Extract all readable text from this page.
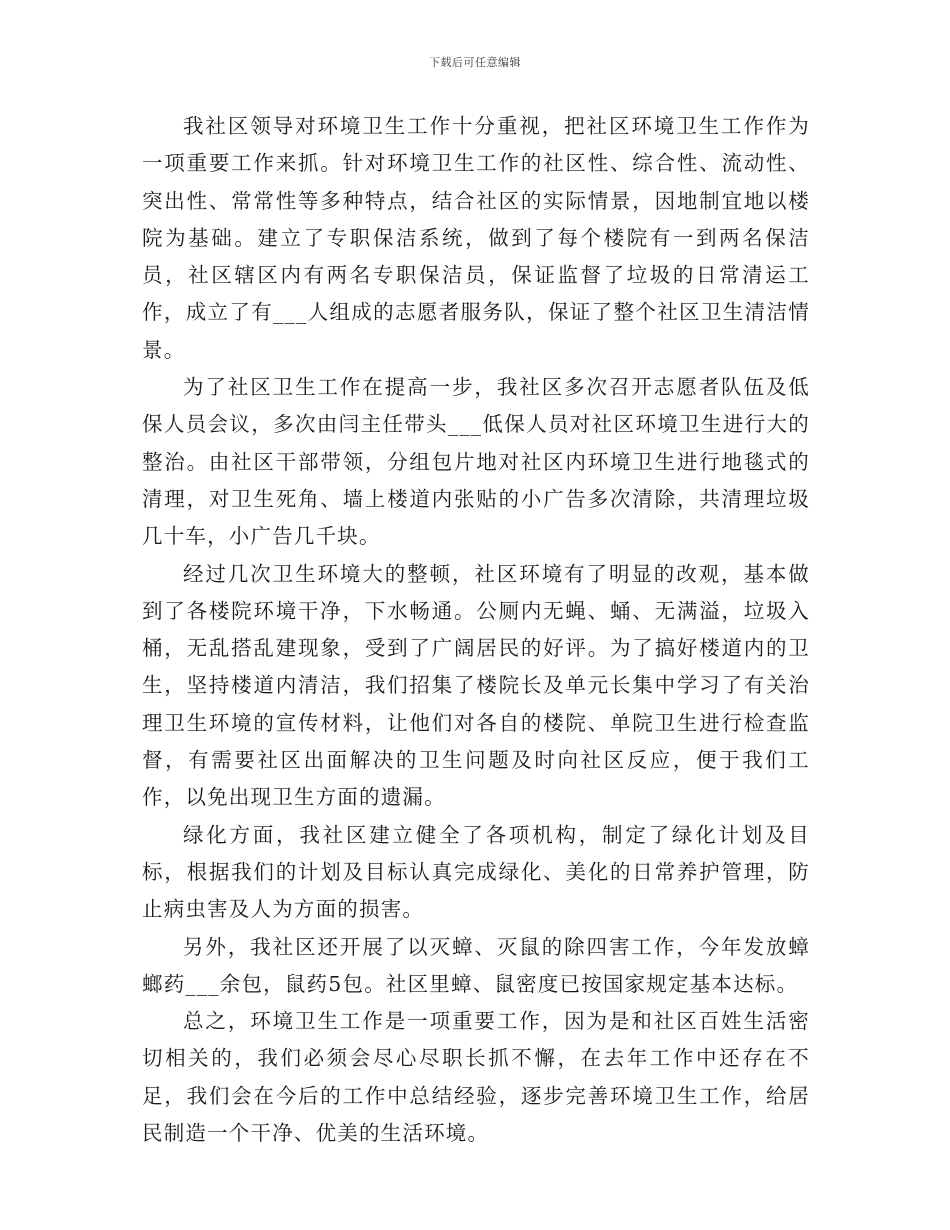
下载后可任意编辑

我社区领导对环境卫生工作十分重视，把社区环境卫生工作作为一项重要工作来抓。针对环境卫生工作的社区性、综合性、流动性、突出性、常常性等多种特点，结合社区的实际情景，因地制宜地以楼院为基础。建立了专职保洁系统，做到了每个楼院有一到两名保洁员，社区辖区内有两名专职保洁员，保证监督了垃圾的日常清运工作，成立了有___人组成的志愿者服务队，保证了整个社区卫生清洁情景。

为了社区卫生工作在提高一步，我社区多次召开志愿者队伍及低保人员会议，多次由闫主任带头___低保人员对社区环境卫生进行大的整治。由社区干部带领，分组包片地对社区内环境卫生进行地毯式的清理，对卫生死角、墙上楼道内张贴的小广告多次清除，共清理垃圾几十车，小广告几千块。

经过几次卫生环境大的整顿，社区环境有了明显的改观，基本做到了各楼院环境干净，下水畅通。公厕内无蝇、蛹、无满溢，垃圾入桶，无乱搭乱建现象，受到了广阔居民的好评。为了搞好楼道内的卫生，坚持楼道内清洁，我们招集了楼院长及单元长集中学习了有关治理卫生环境的宣传材料，让他们对各自的楼院、单院卫生进行检查监督，有需要社区出面解决的卫生问题及时向社区反应，便于我们工作，以免出现卫生方面的遗漏。

绿化方面，我社区建立健全了各项机构，制定了绿化计划及目标，根据我们的计划及目标认真完成绿化、美化的日常养护管理，防止病虫害及人为方面的损害。

另外，我社区还开展了以灭蟑、灭鼠的除四害工作，今年发放蟑螂药___余包，鼠药5包。社区里蟑、鼠密度已按国家规定基本达标。

总之，环境卫生工作是一项重要工作，因为是和社区百姓生活密切相关的，我们必须会尽心尽职长抓不懈，在去年工作中还存在不足，我们会在今后的工作中总结经验，逐步完善环境卫生工作，给居民制造一个干净、优美的生活环境。
